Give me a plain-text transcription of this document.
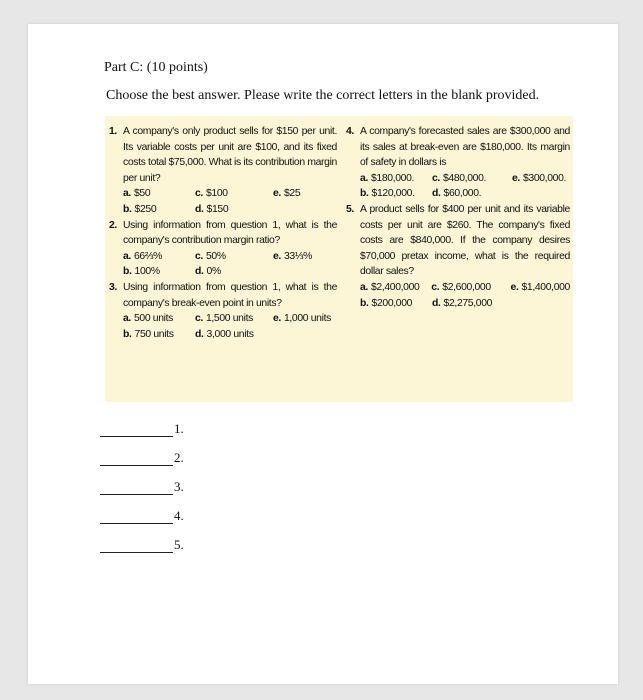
Part C: (10 points)
Choose the best answer. Please write the correct letters in the blank provided.
1. A company's only product sells for $150 per unit. Its variable costs per unit are $100, and its fixed costs total $75,000. What is its contribution margin per unit?
a. $50	c. $100	e. $25
b. $250	d. $150
2. Using information from question 1, what is the company's contribution margin ratio?
a. 66⅔%	c. 50%	e. 33⅓%
b. 100%	d. 0%
3. Using information from question 1, what is the company's break-even point in units?
a. 500 units	c. 1,500 units	e. 1,000 units
b. 750 units	d. 3,000 units
4. A company's forecasted sales are $300,000 and its sales at break-even are $180,000. Its margin of safety in dollars is
a. $180,000.	c. $480,000.	e. $300,000.
b. $120,000.	d. $60,000.
5. A product sells for $400 per unit and its variable costs per unit are $260. The company's fixed costs are $840,000. If the company desires $70,000 pretax income, what is the required dollar sales?
a. $2,400,000	c. $2,600,000	e. $1,400,000
b. $200,000	d. $2,275,000
1.
2.
3.
4.
5.
